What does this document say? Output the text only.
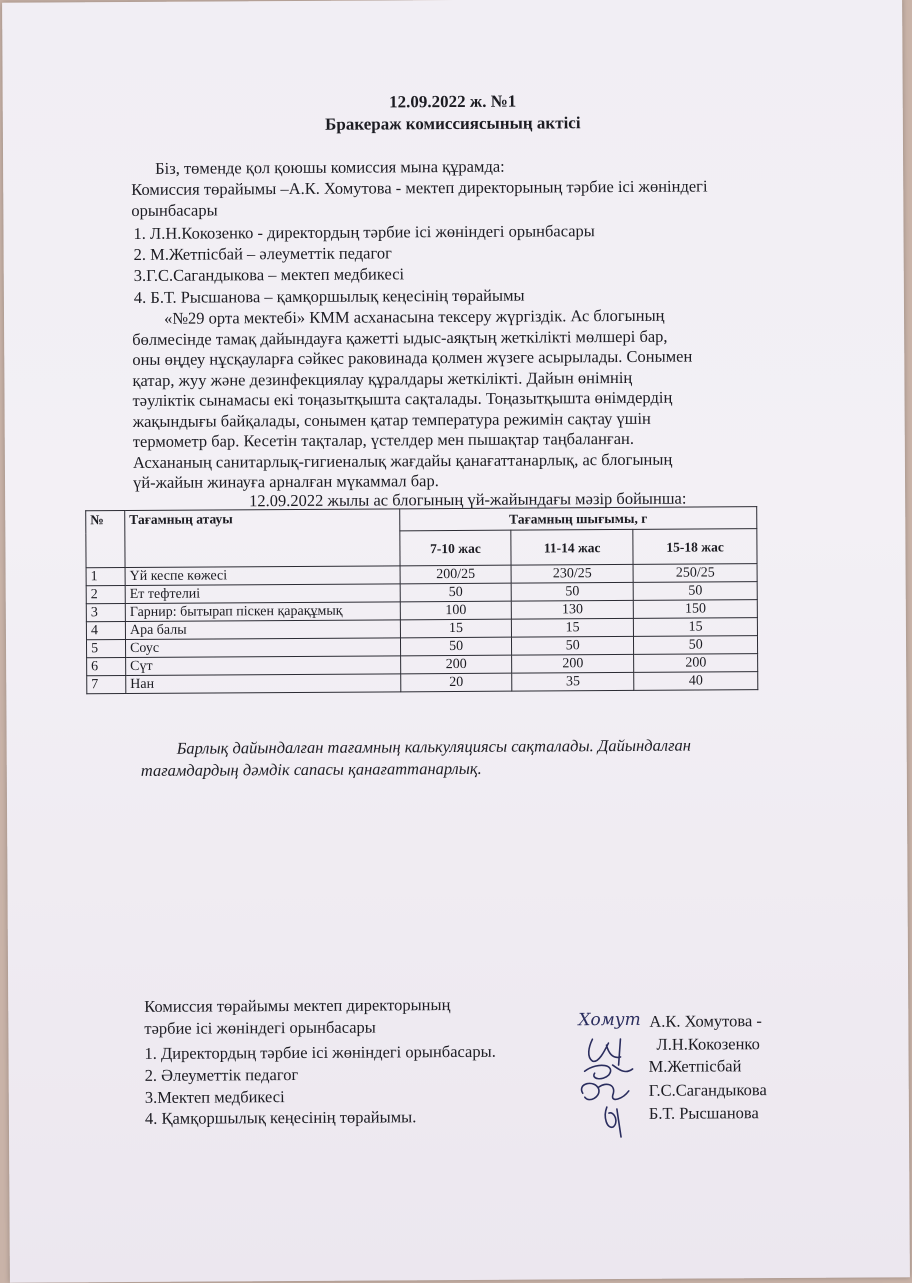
12.09.2022 ж. №1
Бракераж комиссиясының актісі
Біз, төменде қол қоюшы комиссия мына құрамда:
Комиссия төрайымы –А.К. Хомутова - мектеп директорының тәрбие ісі жөніндегі
орынбасары
1. Л.Н.Кокозенко - директордың тәрбие ісі жөніндегі орынбасары
2. М.Жетпісбай – әлеуметтік педагог
3.Г.С.Сагандыкова – мектеп медбикесі
4. Б.Т. Рысшанова – қамқоршылық кеңесінің төрайымы
«№29 орта мектебі» КММ асханасына тексеру жүргіздік. Ас блогының
бөлмесінде тамақ дайындауға қажетті ыдыс-аяқтың жеткілікті мөлшері бар,
оны өңдеу нұсқауларға сәйкес раковинада қолмен жүзеге асырылады. Сонымен
қатар, жуу және дезинфекциялау құралдары жеткілікті. Дайын өнімнің
тәуліктік сынамасы екі тоңазытқышта сақталады. Тоңазытқышта өнімдердің
жақындығы байқалады, сонымен қатар температура режимін сақтау үшін
термометр бар. Кесетін тақталар, үстелдер мен пышақтар таңбаланған.
Асхананың санитарлық-гигиеналық жағдайы қанағаттанарлық, ас блогының
үй-жайын жинауға арналған мүкаммал бар.
12.09.2022 жылы ас блогының үй-жайындағы мәзір бойынша:
№	Тағамның атауы	Тағамның шығымы, г		
		7-10 жас	11-14 жас	15-18 жас
1	Үй кеспе көжесі	200/25	230/25	250/25
2	Ет тефтелиі	50	50	50
3	Гарнир: бытырап піскен қарақұмық	100	130	150
4	Ара балы	15	15	15
5	Соус	50	50	50
6	Сүт	200	200	200
7	Нан	20	35	40
Барлық дайындалған тағамның калькуляциясы сақталады. Дайындалған
тағамдардың дәмдік сапасы қанағаттанарлық.
Комиссия төрайымы мектеп директорының
тәрбие ісі жөніндегі орынбасары
1. Директордың тәрбие ісі жөніндегі орынбасары.
2. Әлеуметтік педагог
3.Мектеп медбикесі
4. Қамқоршылық кеңесінің төрайымы.
А.К. Хомутова -
Л.Н.Кокозенко
М.Жетпісбай
Г.С.Сагандыкова
Б.Т. Рысшанова
Хомут
